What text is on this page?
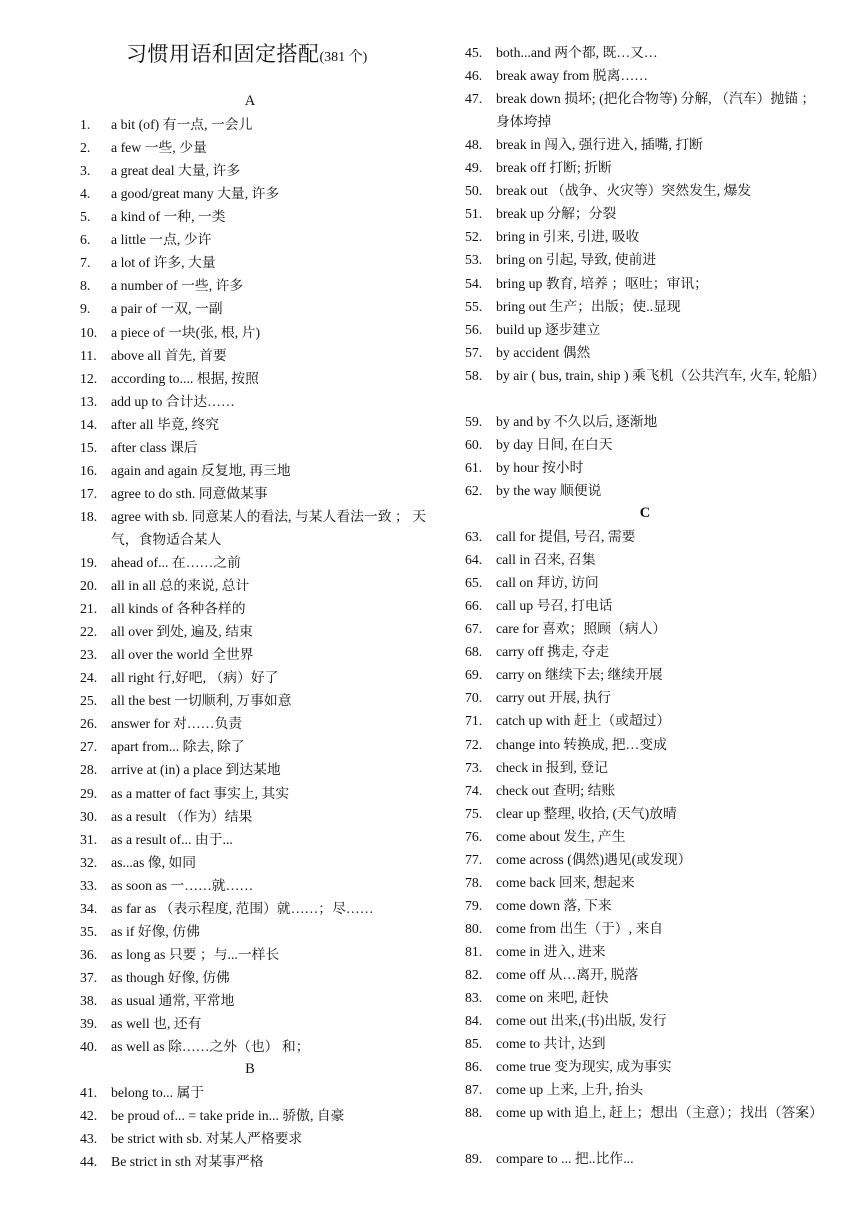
习惯用语和固定搭配(381 个)
A
1. a bit (of) 有一点, 一会儿
2. a few 一些, 少量
3. a great deal 大量, 许多
4. a good/great many 大量, 许多
5. a kind of 一种, 一类
6. a little 一点, 少许
7. a lot of 许多, 大量
8. a number of 一些, 许多
9. a pair of 一双, 一副
10. a piece of 一块(张, 根, 片)
11. above all 首先, 首要
12. according to.... 根据, 按照
13. add up to 合计达……
14. after all 毕竟, 终究
15. after class 课后
16. again and again 反复地, 再三地
17. agree to do sth. 同意做某事
18. agree with sb. 同意某人的看法, 与某人看法一致 ； 天气，食物适合某人
19. ahead of... 在……之前
20. all in all 总的来说, 总计
21. all kinds of 各种各样的
22. all over 到处, 遍及, 结束
23. all over the world 全世界
24. all right 行,好吧, （病）好了
25. all the best 一切顺利, 万事如意
26. answer for 对……负责
27. apart from... 除去, 除了
28. arrive at (in) a place 到达某地
29. as a matter of fact 事实上, 其实
30. as a result （作为）结果
31. as a result of... 由于...
32. as...as 像, 如同
33. as soon as 一……就……
34. as far as （表示程度, 范围）就……；尽……
35. as if 好像, 仿佛
36. as long as 只要 ；与...一样长
37. as though 好像, 仿佛
38. as usual 通常, 平常地
39. as well 也, 还有
40. as well as 除……之外（也） 和；
B
41. belong to... 属于
42. be proud of... = take pride in... 骄傲, 自豪
43. be strict with sb. 对某人严格要求
44. Be strict in sth 对某事严格
45. both...and 两个都, 既…又…
46. break away from 脱离……
47. break down 损坏; (把化合物等) 分解, （汽车）抛锚 ； 身体垮掉
48. break in 闯入, 强行进入, 插嘴, 打断
49. break off 打断; 折断
50. break out （战争、火灾等）突然发生, 爆发
51. break up 分解；分裂
52. bring in 引来, 引进, 吸收
53. bring on 引起, 导致, 使前进
54. bring up 教育, 培养 ；呕吐；审讯；
55. bring out 生产；出版；使..显现
56. build up 逐步建立
57. by accident 偶然
58. by air ( bus, train, ship ) 乘飞机（公共汽车, 火车, 轮船）
59. by and by 不久以后, 逐渐地
60. by day 日间, 在白天
61. by hour 按小时
62. by the way 顺便说
C
63. call for 提倡, 号召, 需要
64. call in 召来, 召集
65. call on 拜访, 访问
66. call up 号召, 打电话
67. care for 喜欢；照顾（病人）
68. carry off 携走, 夺走
69. carry on 继续下去; 继续开展
70. carry out 开展, 执行
71. catch up with 赶上（或超过）
72. change into 转换成, 把…变成
73. check in 报到, 登记
74. check out 查明; 结账
75. clear up 整理, 收拾, (天气)放晴
76. come about 发生, 产生
77. come across (偶然)遇见(或发现）
78. come back 回来, 想起来
79. come down 落, 下来
80. come from 出生（于）, 来自
81. come in 进入, 进来
82. come off 从…离开, 脱落
83. come on 来吧, 赶快
84. come out 出来,(书)出版, 发行
85. come to 共计, 达到
86. come true 变为现实, 成为事实
87. come up 上来, 上升, 抬头
88. come up with 追上, 赶上；想出（主意）；找出（答案）
89. compare to ... 把..比作...
